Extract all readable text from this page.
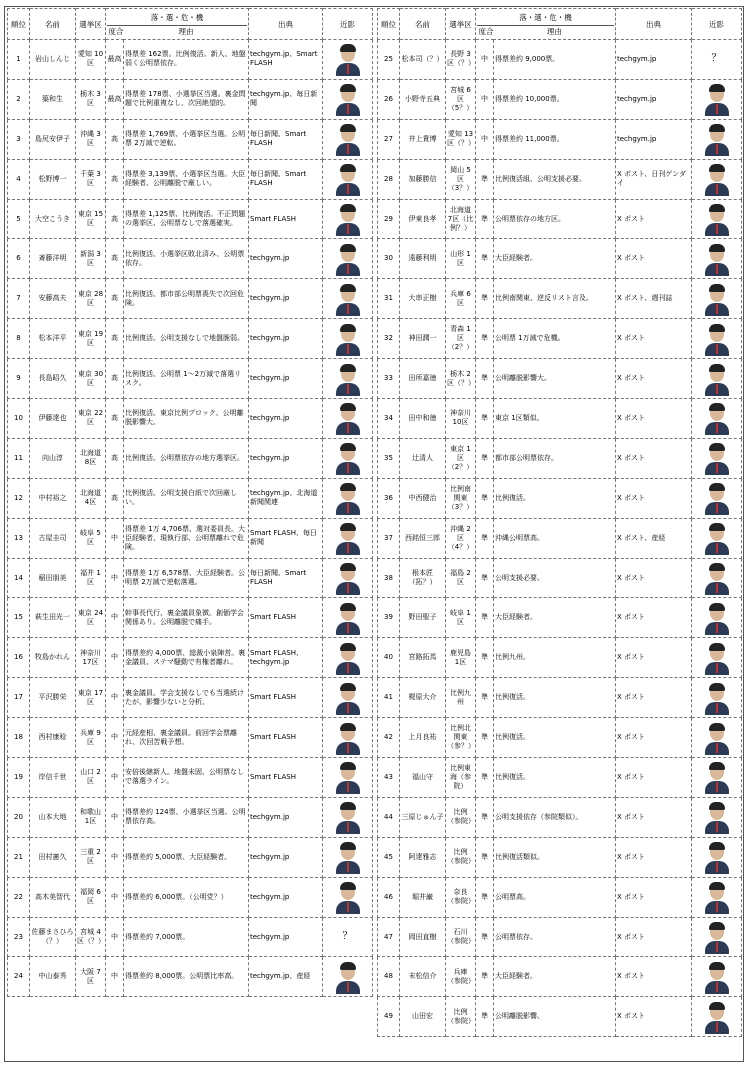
順位	名前	選挙区	落・選・危・機
度合 理由		出典	近影
1	岩山しんじ	愛知 10区	最高	得票差 162票。比例復活。新人、地盤弱く公明票依存。	techgym.jp、Smart FLASH	

2	築和生	栃木 3区	最高	得票差 178票、小選挙区当選。裏金問題で比例重複なし、次回絶望的。	techgym.jp、毎日新聞	

3	島尻安伊子	沖縄 3区	高	得票差 1,769票、小選挙区当選。公明票 2万減で逆転。	毎日新聞、Smart FLASH	

4	松野博一	千葉 3区	高	得票差 3,139票、小選挙区当選。大臣経験者、公明離脱で厳しい。	毎日新聞、Smart FLASH	

5	大空こうき	東京 15区	高	得票差 1,125票、比例復活。不正問題の選挙区、公明票なしで落選確実。	Smart FLASH	

6	斎藤洋明	新潟 3区	高	比例復活。小選挙区敗北済み、公明票依存。	techgym.jp	

7	安藤高夫	東京 28区	高	比例復活。都市部公明票喪失で次回危険。	techgym.jp	

8	松本洋平	東京 19区	高	比例復活。公明支援なしで地盤脆弱。	techgym.jp	

9	長島昭久	東京 30区	高	比例復活。公明票 1～2万減で落選リスク。	techgym.jp	

10	伊藤達也	東京 22区	高	比例復活。東京比例ブロック、公明離脱影響大。	techgym.jp	

11	向山淳	北海道 8区	高	比例復活。公明票依存の地方選挙区。	techgym.jp	

12	中村裕之	北海道 4区	高	比例復活。公明支援白紙で次回厳しい。	techgym.jp、北海道新聞関連	

13	古屋圭司	岐阜 5区	中	得票差 1万 4,706票、選対委員長。大臣経験者、現執行部、公明票離れで危険。	Smart FLASH、毎日新聞	

14	稲田朋美	福井 1区	中	得票差 1万 6,578票、大臣経験者。公明票 2万減で逆転落選。	毎日新聞、Smart FLASH	

15	萩生田光一	東京 24区	中	幹事長代行、裏金議員象徴。創価学会関係あり。公明離脱で痛手。	Smart FLASH	

16	牧島かれん	神奈川 17区	中	得票差約 4,000票、総裁小泉陣営。裏金議員、ステマ騒動で有権者離れ。	Smart FLASH、techgym.jp	

17	平沢勝栄	東京 17区	中	裏金議員。学会支援なしでも当選続けたが、影響少ないと分析。	Smart FLASH	

18	西村康稔	兵庫 9区	中	元経産相、裏金議員。前回学会票離れ、次回苦戦予想。	Smart FLASH	

19	岸信千世	山口 2区	中	安倍後継新人。地盤未固、公明票なしで落選ライン。	Smart FLASH	

20	山本大地	和歌山 1区	中	得票差約 124票、小選挙区当選。公明票依存高。	techgym.jp	

21	田村憲久	三重 2区	中	得票差約 5,000票、大臣経験者。	techgym.jp	

22	高木美智代	福岡 6区	中	得票差約 6,000票。（公明党？）	techgym.jp	

23	佐藤まさひろ（？）	宮城 4区（？）	中	得票差約 7,000票。	techgym.jp	？
24	中山泰秀	大阪 7区	中	得票差約 8,000票。公明票比率高。	techgym.jp、産経	
順位	名前	選挙区	落・選・危・機
度合 理由		出典	近影
25	松本司（？）	長野 3区（？）	中	得票差約 9,000票。	techgym.jp	？
26	小野寺五典	宮城 6区（5？）	中	得票差約 10,000票。	techgym.jp	

27	井上貴博	愛知 13区（？）	中	得票差約 11,000票。	techgym.jp	

28	加藤勝信	岡山 5区（3？）	準	比例復活組、公明支援必要。	X ポスト、日刊ゲンダイ	

29	伊東良孝	北海道 7区（比例？）	準	公明票依存の地方区。	X ポスト	

30	遠藤利明	山形 1区	準	大臣経験者。	X ポスト	

31	大串正樹	兵庫 6区	準	比例南関東、逆反リスト言及。	X ポスト、週刊誌	

32	神田潤一	青森 1区（2？）	準	公明票 1万減で危機。	X ポスト	

33	田所嘉徳	栃木 2区（？）	準	公明離脱影響大。	X ポスト	

34	田中和徳	神奈川 10区	準	東京 1区類似。	X ポスト	

35	辻清人	東京 1区（2？）	準	都市部公明票依存。	X ポスト	

36	中西健治	比例南関東（3？）	準	比例復活。	X ポスト	

37	西銘恒三郎	沖縄 2区（4？）	準	沖縄公明票高。	X ポスト、産経	

38	根本匠（拓？）	福島 2区	準	公明支援必要。	X ポスト	

39	野田聖子	岐阜 1区	準	大臣経験者。	X ポスト	

40	宮路拓馬	鹿児島 1区	準	比例九州。	X ポスト	

41	梶原大介	比例九州	準	比例復活。	X ポスト	

42	上月良祐	比例北関東（参？）	準	比例復活。	X ポスト	

43	福山守	比例東海（参院）	準	比例復活。	X ポスト	

44	三原じゅん子	比例（参院）	準	公明支援依存（参院類似）。	X ポスト	

45	阿達雅志	比例（参院）	準	比例復活類似。	X ポスト	

46	堀井巌	奈良（参院）	準	公明票高。	X ポスト	

47	岡田直樹	石川（参院）	準	公明票依存。	X ポスト	

48	末松信介	兵庫（参院）	準	大臣経験者。	X ポスト	

49	山田宏	比例（参院）	準	公明離脱影響。	X ポスト	
